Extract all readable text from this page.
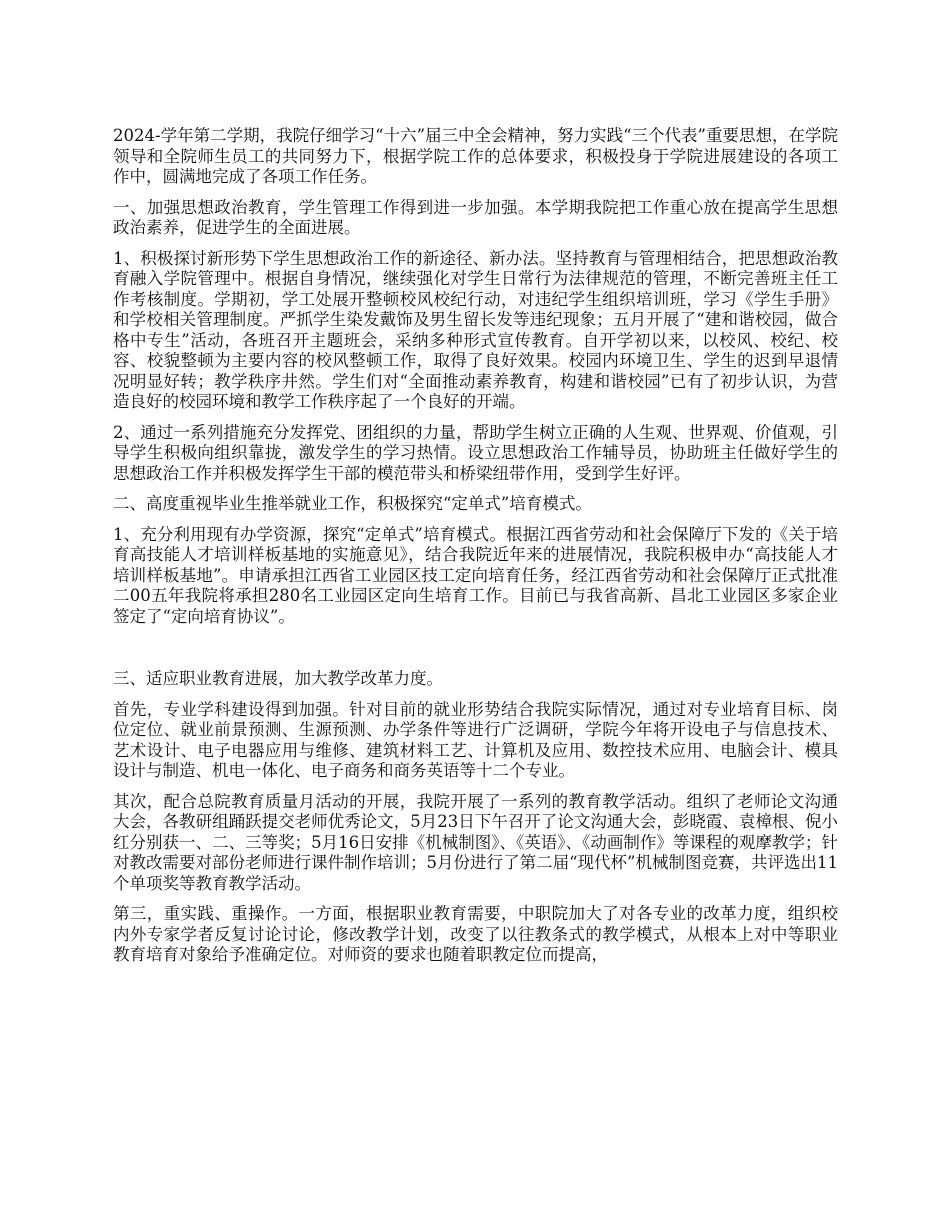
2024-学年第二学期，我院仔细学习“十六”届三中全会精神，努力实践“三个代表”重要思想，在学院领导和全院师生员工的共同努力下，根据学院工作的总体要求，积极投身于学院进展建设的各项工作中，圆满地完成了各项工作任务。

一、加强思想政治教育，学生管理工作得到进一步加强。本学期我院把工作重心放在提高学生思想政治素养，促进学生的全面进展。

1、积极探讨新形势下学生思想政治工作的新途径、新办法。坚持教育与管理相结合，把思想政治教育融入学院管理中。根据自身情况，继续强化对学生日常行为法律规范的管理，不断完善班主任工作考核制度。学期初，学工处展开整顿校风校纪行动，对违纪学生组织培训班，学习《学生手册》和学校相关管理制度。严抓学生染发戴饰及男生留长发等违纪现象；五月开展了“建和谐校园，做合格中专生”活动，各班召开主题班会，采纳多种形式宣传教育。自开学初以来，以校风、校纪、校容、校貌整顿为主要内容的校风整顿工作，取得了良好效果。校园内环境卫生、学生的迟到早退情况明显好转；教学秩序井然。学生们对“全面推动素养教育，构建和谐校园”已有了初步认识，为营造良好的校园环境和教学工作秩序起了一个良好的开端。

2、通过一系列措施充分发挥党、团组织的力量，帮助学生树立正确的人生观、世界观、价值观，引导学生积极向组织靠拢，激发学生的学习热情。设立思想政治工作辅导员，协助班主任做好学生的思想政治工作并积极发挥学生干部的模范带头和桥梁纽带作用，受到学生好评。

二、高度重视毕业生推举就业工作，积极探究“定单式”培育模式。

1、充分利用现有办学资源，探究“定单式”培育模式。根据江西省劳动和社会保障厅下发的《关于培育高技能人才培训样板基地的实施意见》，结合我院近年来的进展情况，我院积极申办“高技能人才培训样板基地”。申请承担江西省工业园区技工定向培育任务，经江西省劳动和社会保障厅正式批准二00五年我院将承担280名工业园区定向生培育工作。目前已与我省高新、昌北工业园区多家企业签定了“定向培育协议”。

三、适应职业教育进展，加大教学改革力度。

首先，专业学科建设得到加强。针对目前的就业形势结合我院实际情况，通过对专业培育目标、岗位定位、就业前景预测、生源预测、办学条件等进行广泛调研，学院今年将开设电子与信息技术、艺术设计、电子电器应用与维修、建筑材料工艺、计算机及应用、数控技术应用、电脑会计、模具设计与制造、机电一体化、电子商务和商务英语等十二个专业。

其次，配合总院教育质量月活动的开展，我院开展了一系列的教育教学活动。组织了老师论文沟通大会，各教研组踊跃提交老师优秀论文，5月23日下午召开了论文沟通大会，彭晓霞、袁樟根、倪小红分别获一、二、三等奖；5月16日安排《机械制图》、《英语》、《动画制作》等课程的观摩教学；针对教改需要对部份老师进行课件制作培训；5月份进行了第二届“现代杯”机械制图竞赛，共评选出11个单项奖等教育教学活动。

第三，重实践、重操作。一方面，根据职业教育需要，中职院加大了对各专业的改革力度，组织校内外专家学者反复讨论讨论，修改教学计划，改变了以往教条式的教学模式，从根本上对中等职业教育培育对象给予准确定位。对师资的要求也随着职教定位而提高，
